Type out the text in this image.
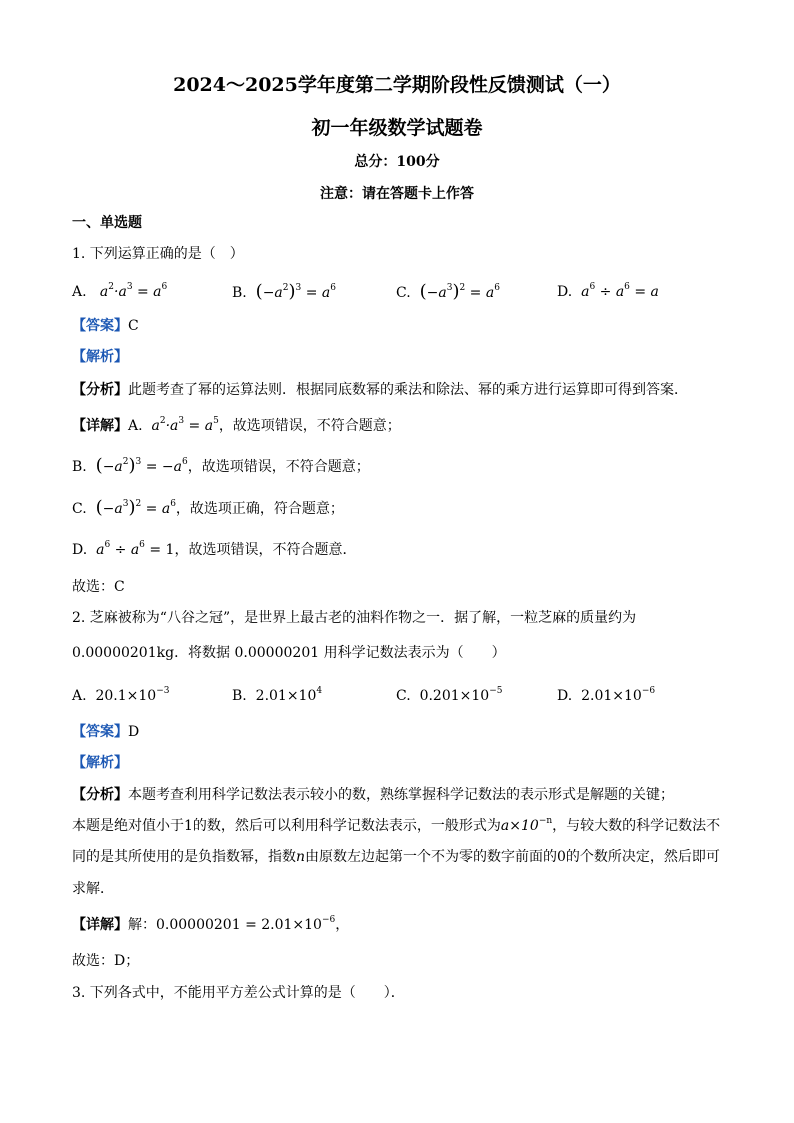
2024～2025学年度第二学期阶段性反馈测试（一）
初一年级数学试题卷
总分：100分
注意：请在答题卡上作答
一、单选题
1. 下列运算正确的是（　）
A. $a^2\cdot a^3 = a^6$	B. $(-a^2)^3 = a^6$	C. $(-a^3)^2 = a^6$	D. $a^6 \div a^6 = a$
【答案】C
【解析】
【分析】此题考查了幂的运算法则．根据同底数幂的乘法和除法、幂的乘方进行运算即可得到答案．
【详解】A. $a^2\cdot a^3 = a^5$，故选项错误，不符合题意；
B. $(-a^2)^3 = -a^6$，故选项错误，不符合题意；
C. $(-a^3)^2 = a^6$，故选项正确，符合题意；
D. $a^6 \div a^6 = 1$，故选项错误，不符合题意．
故选：C
2. 芝麻被称为“八谷之冠”，是世界上最古老的油料作物之一．据了解，一粒芝麻的质量约为
0.00000201kg．将数据 0.00000201 用科学记数法表示为（　　）
A. $20.1\times 10^{-3}$	B. $2.01\times 10^4$	C. $0.201\times 10^{-5}$	D. $2.01\times 10^{-6}$
【答案】D
【解析】
【分析】本题考查利用科学记数法表示较小的数，熟练掌握科学记数法的表示形式是解题的关键；
本题是绝对值小于1的数，然后可以利用科学记数法表示，一般形式为$a\times 10^{-n}$，与较大数的科学记数法不
同的是其所使用的是负指数幂，指数n由原数左边起第一个不为零的数字前面的0的个数所决定，然后即可
求解．
【详解】解：$0.00000201 = 2.01\times 10^{-6}$，
故选：D；
3. 下列各式中，不能用平方差公式计算的是（　　）．
